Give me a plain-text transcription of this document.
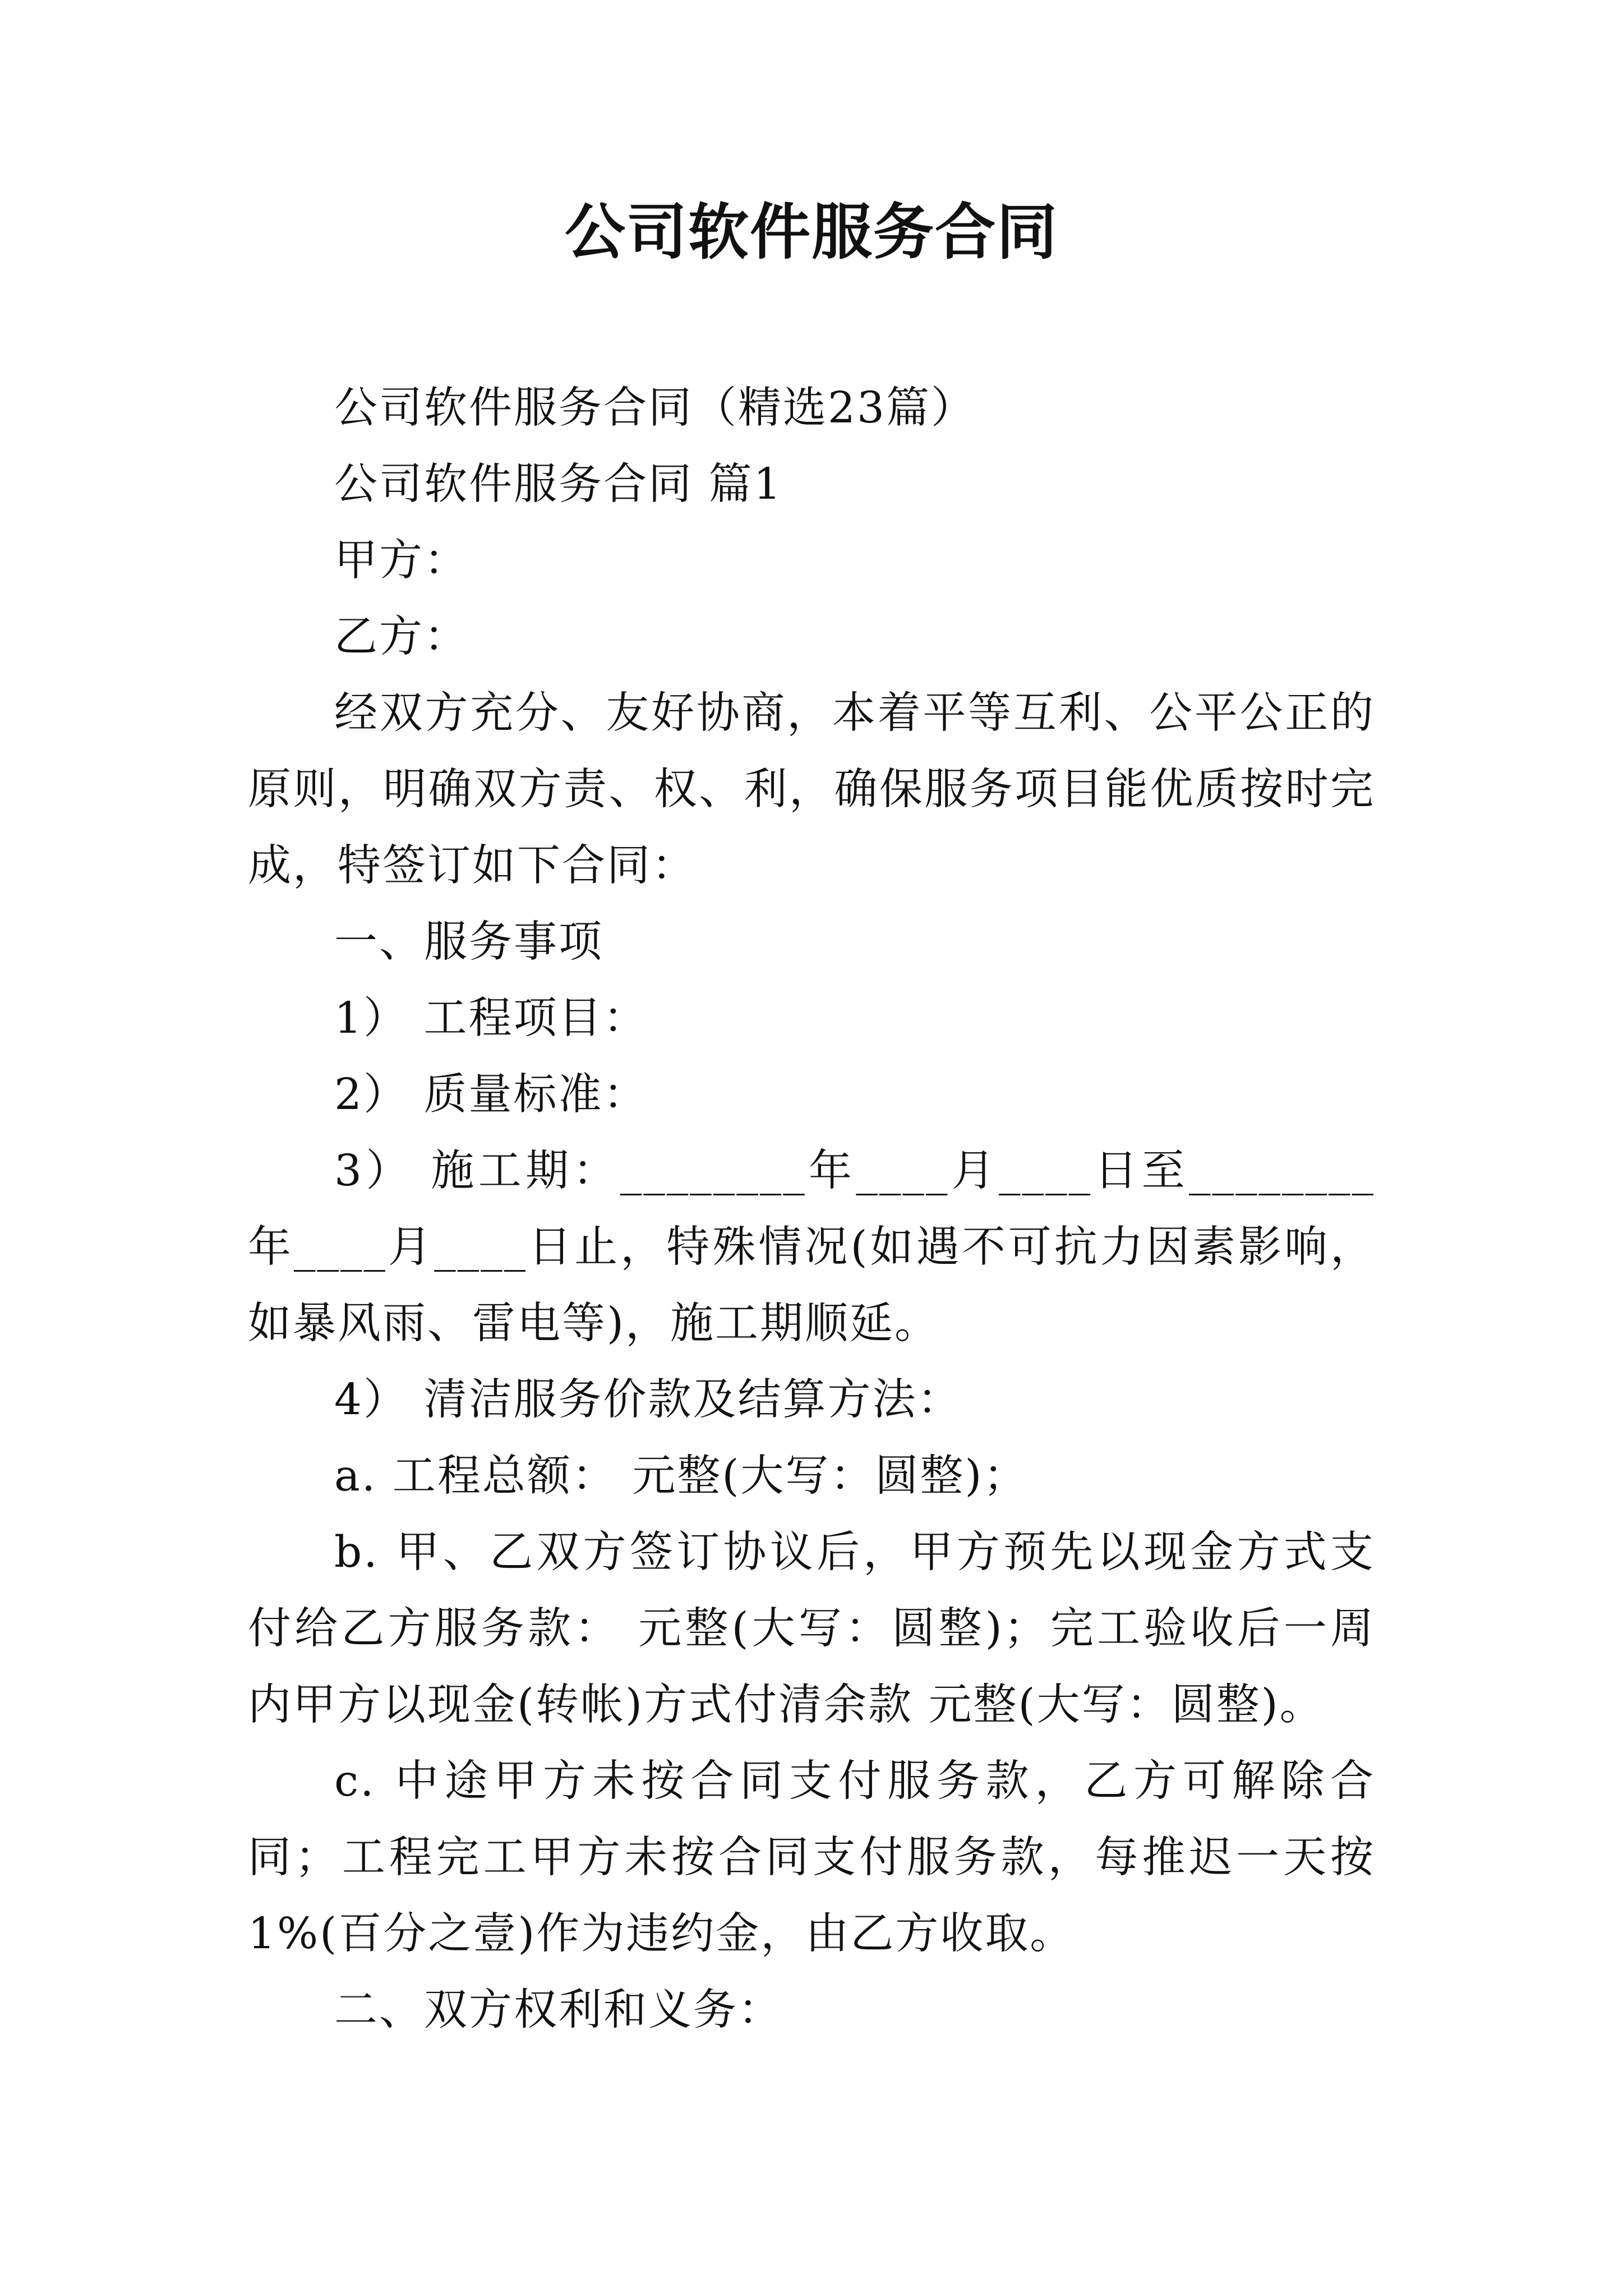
公司软件服务合同

公司软件服务合同（精选23篇）

公司软件服务合同 篇1

甲方：

乙方：

经双方充分、友好协商，本着平等互利、公平公正的原则，明确双方责、权、利，确保服务项目能优质按时完成，特签订如下合同：

一、服务事项

1） 工程项目：

2） 质量标准：

3） 施工期：________年____月____日至________年____月____日止，特殊情况(如遇不可抗力因素影响，如暴风雨、雷电等)，施工期顺延。

4） 清洁服务价款及结算方法：

a. 工程总额： 元整(大写：圆整)；

b. 甲、乙双方签订协议后，甲方预先以现金方式支付给乙方服务款： 元整(大写：圆整)；完工验收后一周内甲方以现金(转帐)方式付清余款 元整(大写：圆整)。

c. 中途甲方未按合同支付服务款，乙方可解除合同；工程完工甲方未按合同支付服务款，每推迟一天按1%(百分之壹)作为违约金，由乙方收取。

二、双方权利和义务：
